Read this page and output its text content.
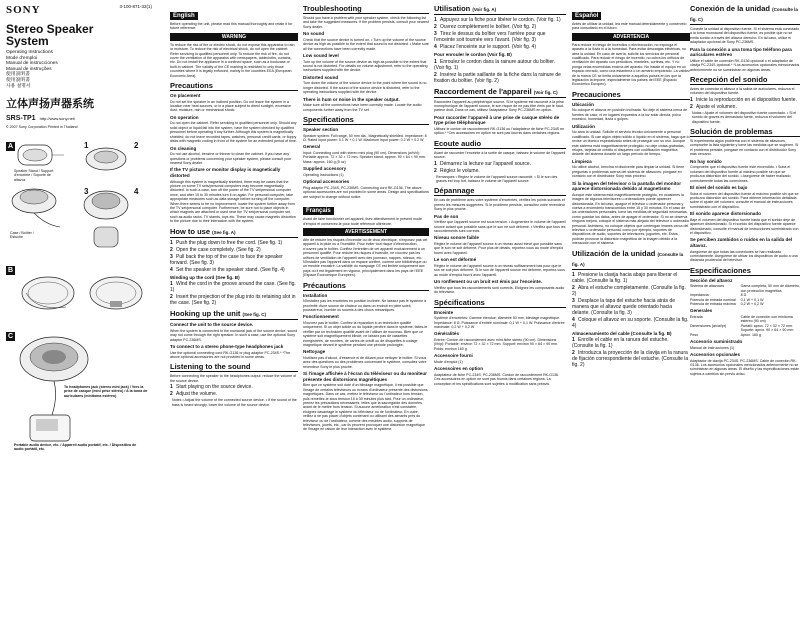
SONY	3-100-871-32(1)
Stereo Speaker
System
Operating Instructions
Mode d'emploi
Manual de instrucciones
Manual de instruções
使用説明書
使用說明書
사용 설명서
立体声扬声器系统
SRS-TP1 http://www.sony.net/
© 2007 Sony Corporation Printed in Thailand
A
Speaker Stand / Support d'enceinte / Soporte de altavoz
Case / Boîtier / Estuche
1	2
3	4
B
C
To headphones jack (stereo mini jack) / Vers la prise de casque (mini prise stéréo) / A la toma de auriculares (minitoma estéreo)
Portable audio device, etc. / Appareil audio portatif, etc. / Dispositivo de audio portátil, etc.
English

Before operating the unit, please read this manual thoroughly and retain it for future reference.

WARNING

To reduce the risk of fire or electric shock, do not expose this apparatus to rain or moisture. To reduce the risk of electrical shock, do not open the cabinet. Refer servicing to qualified personnel only. To reduce the risk of fire, do not cover the ventilation of the apparatus with newspapers, tablecloths, curtains, etc. Do not install the appliance in a confined space, such as a bookcase or built-in cabinet. The validity of the CE marking is restricted to only those countries where it is legally enforced, mainly in the countries EEA (European Economic Area).

Precautions
On placement

Do not set the speaker in an inclined position. Do not leave the system in a location near heat sources, or in a place subject to direct sunlight, excessive dust, moisture, rain or mechanical shock.

On operation

Do not open the cabinet. Refer servicing to qualified personnel only. Should any solid object or liquid fall into the system, have the system checked by qualified personnel before operating it any further. Although this system is magnetically shielded, do not leave recorded tapes, watches, personal credit cards, or floppy disks with magnetic coding in front of the system for an extended period of time.

On cleaning

Do not use alcohol, benzine or thinner to clean the cabinet. If you have any questions or problems concerning your speaker system, please consult your nearest Sony dealer.

If the TV picture or monitor display is magnetically distorted

Although this system is magnetically shielded, there may be cases that the picture on some TV sets/personal computers may become magnetically distorted. In such a case, turn off the power of the TV set/personal computer once, and after 15 to 30 minutes turn it on again. For personal computer, take appropriate measures such as data storage before turning off the computer. When there seems to be no improvement, locate the system further away from the TV set/personal computer. Furthermore, be sure not to place objects in which magnets are attached or used near the TV set/personal computer set, such as audio racks, TV stands, toys etc. These may cause magnetic distortion to the picture due to their interaction with the system.

How to use (See fig. A)
1 Push the plug down to free the cord. (See fig. 1)
2 Open the case completely. (See fig. 2)
3 Pull back the top of the case to face the speaker forward. (See fig. 3)
4 Set the speaker in the speaker stand. (See fig. 4)
Winding up the cord (See fig. B)
1 Wind the cord in the groove around the case. (See fig. 1)
2 Insert the projection of the plug into its retaining slot in the case. (See fig. 2)
Hooking up the unit (See fig. C)
Connect the unit to the source device.

When the system is connected to the monaural jack of the source device, sound may not come through the right speaker. In such a case, use the optional Sony adaptor PC-236MS.

To connect to a stereo phone-type headphones jack

Use the optional connecting cord RK-G136 or plug adaptor PC-234S.* *The above optional accessories are not provided in some areas.

Listening to the sound

Before connecting the speaker to the headphones output, reduce the volume of the source device.

1 Start playing on the source device.
2 Adjust the volume.

Notes • Adjust the volume of the connected source device. • If the sound of the bass is heard strongly, lower the volume of the source device.

Troubleshooting

Should you have a problem with your speaker system, check the following list and take the suggested measures. If the problem persists, consult your nearest Sony dealer.

No sound

Check that the source device is turned on. • Turn up the volume of the source device as high as possible to the extent that sound is not distorted. • Make sure all the connections have been correctly made.

Low sound level

Turn up the volume of the source device as high as possible to the extent that sound is not distorted. For details on volume adjustment, refer to the operating instructions supplied with the device.

Distorted sound

Turn down the volume of the source device to the point where the sound is no longer distorted. If the sound of the source device is distorted, refer to the operating instructions supplied with the device.

There is hum or noise in the speaker output.

Make sure all the connections have been correctly made. Locate the audio components further away from the TV set.

Specifications
Speaker section

Speaker system: Full range, 50 mm dia., Magnetically shielded. Impedance: 8 Ω. Rated input power: 0.1 W + 0.1 W. Maximum input power: 0.2 W + 0.2 W

General

Input: Connecting cord with stereo mini plug (90 cm). Dimensions (w/h/d): Portable approx. 72 × 32 × 72 mm. Speaker stand: approx. 90 × 64 × 90 mm. Mass: approx. 160 g (5 oz)

Supplied accessory

Operating Instructions (1)

Optional accessories

Plug adaptor PC-234S, PC-236MS. Connecting cord RK-G136. The above optional accessories are not provided in some areas. Design and specifications are subject to change without notice.

Français

Avant de faire fonctionner cet appareil, lisez attentivement le présent mode d'emploi et conservez-le pour toute référence ultérieure.

AVERTISSEMENT

Afin de réduire les risques d'incendie ou de choc électrique, n'exposez pas cet appareil à la pluie ou à l'humidité. Pour éviter tout risque d'électrocution, n'ouvrez pas le boîtier. Confiez l'entretien de cet appareil exclusivement à un personnel qualifié. Pour réduire les risques d'incendie, ne couvrez pas les orifices de ventilation de l'appareil avec des journaux, nappes, rideaux, etc. N'installez pas l'appareil dans un espace confiné, comme une bibliothèque ou un meuble encastré. La validité du marquage CE est limitée uniquement aux pays où il est légalement en vigueur, principalement dans les pays de l'EEE (Espace Économique Européen).

Précautions
Installation

N'installez pas les enceintes en position inclinée. Ne laissez pas le système à proximité d'une source de chaleur ou dans un endroit en plein soleil, poussiéreux, humide ou soumis à des chocs mécaniques.

Fonctionnement

N'ouvrez pas le boîtier. Confiez la réparation à un technicien qualifié uniquement. Si un objet solide ou du liquide pénètre dans le système, faites-le vérifier par un technicien qualifié avant de l'utiliser de nouveau. Bien que ce système soit magnétiquement blindé, ne laissez pas de cassettes enregistrées, de montres, de cartes de crédit ou de disquettes à codage magnétique devant le système pendant une période prolongée.

Nettoyage

N'utilisez pas d'alcool, d'essence ni de diluant pour nettoyer le boîtier. Si vous avez des questions ou des problèmes concernant le système, consultez votre revendeur Sony le plus proche.

Si l'image affichée à l'écran du téléviseur ou du moniteur présente des distorsions magnétiques

Bien que ce système soit doté d'un blindage magnétique, il est possible que l'image de certains téléviseurs ou écrans d'ordinateur présente des distorsions magnétiques. Dans ce cas, mettez le téléviseur ou l'ordinateur hors tension, puis remettez-le sous tension 15 à 30 minutes plus tard. Pour un ordinateur, prenez les précautions nécessaires, telles que la sauvegarde des données, avant de le mettre hors tension. Si aucune amélioration n'est constatée, éloignez davantage le système du téléviseur ou de l'ordinateur. En outre, veillez à ne pas placer d'objets contenant ou utilisant des aimants près du téléviseur ou de l'ordinateur, comme des meubles audio, supports de téléviseurs, jouets, etc., car ils peuvent provoquer une distorsion magnétique de l'image en raison de leur interaction avec le système.

Utilisation (Voir fig. A)
1 Appuyez sur la fiche pour libérer le cordon. (Voir fig. 1)
2 Ouvrez complètement le boîtier. (Voir fig. 2)
3 Tirez le dessus du boîtier vers l'arrière pour que l'enceinte soit tournée vers l'avant. (Voir fig. 3)
4 Placez l'enceinte sur le support. (Voir fig. 4)
Pour enrouler le cordon (Voir fig. B)
1 Enroulez le cordon dans la rainure autour du boîtier. (Voir fig. 1)
2 Insérez la partie saillante de la fiche dans la rainure de fixation du boîtier. (Voir fig. 2)
Raccordement de l'appareil (Voir fig. C)

Raccordez l'appareil au périphérique source. Si le système est raccordé à la prise monophonique de l'appareil source, le son risque de ne pas être émis par le haut-parleur droit. Dans ce cas, utilisez l'adaptateur Sony PC-236MS en option.

Pour raccorder l'appareil à une prise de casque stéréo de type prise téléphonique

Utilisez le cordon de raccordement RK-G136 ou l'adaptateur de fiche PC-234S en option.* *Ces accessoires en option ne sont pas fournis dans certaines régions.

Ecoute audio

Avant de raccorder l'enceinte à la sortie de casque, baissez le volume de l'appareil source.

1 Démarrez la lecture sur l'appareil source.
2 Réglez le volume.

Remarques • Réglez le volume de l'appareil source raccordé. • Si le son des graves est trop fort, baissez le volume de l'appareil source.

Dépannage

En cas de problème avec votre système d'enceintes, vérifiez les points suivants et prenez les mesures suggérées. Si le problème persiste, consultez votre revendeur Sony le plus proche.

Pas de son

Vérifiez que l'appareil source est sous tension. • Augmentez le volume de l'appareil source autant que possible sans que le son ne soit déformé. • Vérifiez que tous les raccordements sont corrects.

Niveau sonore faible

Réglez le volume de l'appareil source à un niveau aussi élevé que possible sans que le son ne soit déformé. Pour plus de détails, reportez-vous au mode d'emploi fourni avec l'appareil.

Le son est déformé

Réglez le volume de l'appareil source à un niveau suffisamment bas pour que le son ne soit plus déformé. Si le son de l'appareil source est déformé, reportez-vous au mode d'emploi fourni avec l'appareil.

Un ronflement ou un bruit est émis par l'enceinte.

Vérifiez que tous les raccordements sont corrects. Eloignez les composants audio du téléviseur.

Spécifications
Enceinte

Système d'enceintes: Gamme étendue, diamètre 50 mm, blindage magnétique. Impédance: 8 Ω. Puissance d'entrée nominale: 0,1 W + 0,1 W. Puissance d'entrée maximale: 0,2 W + 0,2 W

Généralités

Entrée: Cordon de raccordement avec mini-fiche stéréo (90 cm). Dimensions (l/h/p): Portable: environ 72 × 32 × 72 mm. Support: environ 90 × 64 × 90 mm. Poids: environ 160 g

Accessoire fourni

Mode d'emploi (1)

Accessoires en option

Adaptateur de fiche PC-234S, PC-236MS. Cordon de raccordement RK-G136. Ces accessoires en option ne sont pas fournis dans certaines régions. La conception et les spécifications sont sujettes à modification sans préavis.

Español

Antes de utilizar la unidad, lea este manual detenidamente y consérvelo para consultarlo en el futuro.

ADVERTENCIA

Para reducir el riesgo de incendios o electrocución, no exponga el aparato a la lluvia ni a la humedad. Para evitar descargas eléctricas, no abra la unidad. En caso de avería, solicite los servicios de personal cualificado. Para reducir el riesgo de incendio, no cubra los orificios de ventilación del aparato con periódicos, manteles, cortinas, etc. Y no ponga velas encendidas encima del aparato. No instale el equipo en un espacio cerrado, como una estantería o un armario empotrado. La validez de la marca CE se limita únicamente a aquellos países en los que la legislación la impone, especialmente los países del EEE (Espacio Económico Europeo).

Precauciones
Ubicación

No coloque el altavoz en posición inclinada. No deje el sistema cerca de fuentes de calor, ni en lugares expuestos a la luz solar directa, polvo excesivo, humedad, lluvia o golpes.

Utilización

No abra la unidad. Solicite el servicio técnico únicamente a personal cualificado. Si cae algún objeto sólido o líquido en el sistema, haga que lo revise un técnico especializado antes de proseguir con su uso. Aunque este sistema está magnéticamente protegido, no deje cintas grabadas, relojes, tarjetas de crédito ni disquetes con codificación magnética delante del sistema durante un largo período de tiempo.

Limpieza

No utilice alcohol, bencina ni disolvente para limpiar la unidad. Si tiene preguntas o problemas acerca del sistema de altavoces, póngase en contacto con el distribuidor Sony más próximo.

Si la imagen del televisor o la pantalla del monitor aparece distorsionada debido al magnetismo

Aunque este sistema está magnéticamente protegido, en ocasiones la imagen de algunos televisores u ordenadores puede aparecer distorsionada. En tal caso, apague el televisor u ordenador personal y vuelva a encenderlo transcurridos entre 15 y 30 minutos. En el caso de los ordenadores personales, tome las medidas de seguridad necesarias, como guardar los datos, antes de apagar el ordenador. Si no se observa ninguna mejora, coloque el sistema más alejado del televisor u ordenador personal. Asimismo, no coloque objetos que contengan imanes cerca del televisor u ordenador personal, como por ejemplo, soportes de dispositivos de audio, soportes de televisores, juguetes, etc. Estos podrían provocar la distorsión magnética de la imagen debido a la interacción con el sistema.

Utilización de la unidad (Consulte la fig. A)
1 Presione la clavija hacia abajo para liberar el cable. (Consulte la fig. 1)
2 Abra el estuche completamente. (Consulte la fig. 2)
3 Desplace la tapa del estuche hacia atrás de manera que el altavoz quede orientado hacia delante. (Consulte la fig. 3)
4 Coloque el altavoz en su soporte. (Consulte la fig. 4)
Almacenamiento del cable (Consulte la fig. B)
1 Enrolle el cable en la ranura del estuche. (Consulte la fig. 1)
2 Introduzca la proyección de la clavija en la ranura de fijación correspondiente del estuche. (Consulte la fig. 2)
Conexión de la unidad (Consulte la fig. C)

Conecte la unidad al dispositivo fuente. Si el sistema está conectado a la toma monoaural del dispositivo fuente, es posible que no se emita sonido a través del altavoz derecho. En tal caso, utilice el adaptador opcional de Sony PC-236MS.

Para la conexión a una toma tipo teléfono para auriculares estéreo

Utilice el cable de conexión RK-G136 opcional o el adaptador de clavija PC-234S opcional.* *Los accesorios opcionales mencionados anteriormente no se suministran en algunas áreas.

Recepción del sonido

Antes de conectar el altavoz a la salida de auriculares, reduzca el volumen del dispositivo fuente.

1 Inicie la reproducción en el dispositivo fuente.
2 Ajuste el volumen.

Notas • Ajuste el volumen del dispositivo fuente conectado. • Si el sonido de graves es demasiado fuerte, reduzca el volumen del dispositivo fuente.

Solución de problemas

Si experimenta algún problema con el sistema de altavoces, compruebe la lista siguiente y tome las medidas que se sugieren. Si el problema persiste, póngase en contacto con el distribuidor Sony más cercano.

No hay sonido

Compruebe que el dispositivo fuente esté encendido. • Suba el volumen del dispositivo fuente al máximo posible sin que se produzca distorsión del sonido. • Asegúrese de haber realizado correctamente todas las conexiones.

El nivel del sonido es bajo

Suba el volumen del dispositivo fuente al máximo posible sin que se produzca distorsión del sonido. Para obtener información detallada sobre el ajuste del volumen, consulte el manual de instrucciones suministrado con el dispositivo.

El sonido aparece distorsionado

Baje el volumen del dispositivo fuente hasta que el sonido deje de aparecer distorsionado. Si el sonido del dispositivo fuente aparece distorsionado, consulte el manual de instrucciones suministrado con el dispositivo.

Se perciben zumbidos o ruidos en la salida del altavoz.

Asegúrese de que todas las conexiones se han realizado correctamente. Asegúrese de ubicar los dispositivos de audio a una distancia prudencial del televisor.

Especificaciones
Sección del altavoz
Sistema de altavoces	Gama completa, 50 mm de diámetro, con protección magnética
Impedancia	8 Ω
Potencia de entrada nominal	0,1 W + 0,1 W
Potencia de entrada máxima	0,2 W + 0,2 W
Generales
Entrada	Cable de conexión con minitoma estéreo (90 cm)
Dimensiones (an/al/pr)	Portátil: aprox. 72 × 32 × 72 mm. Soporte: aprox. 90 × 64 × 90 mm
Peso	Aprox. 160 g
Accesorio suministrado

Manual de instrucciones (1)

Accesorios opcionales

Adaptador de clavija PC-234S, PC-236MS. Cable de conexión RK-G136. Los accesorios opcionales mencionados anteriormente no se suministran en algunas áreas. El diseño y las especificaciones están sujetos a cambios sin previo aviso.
